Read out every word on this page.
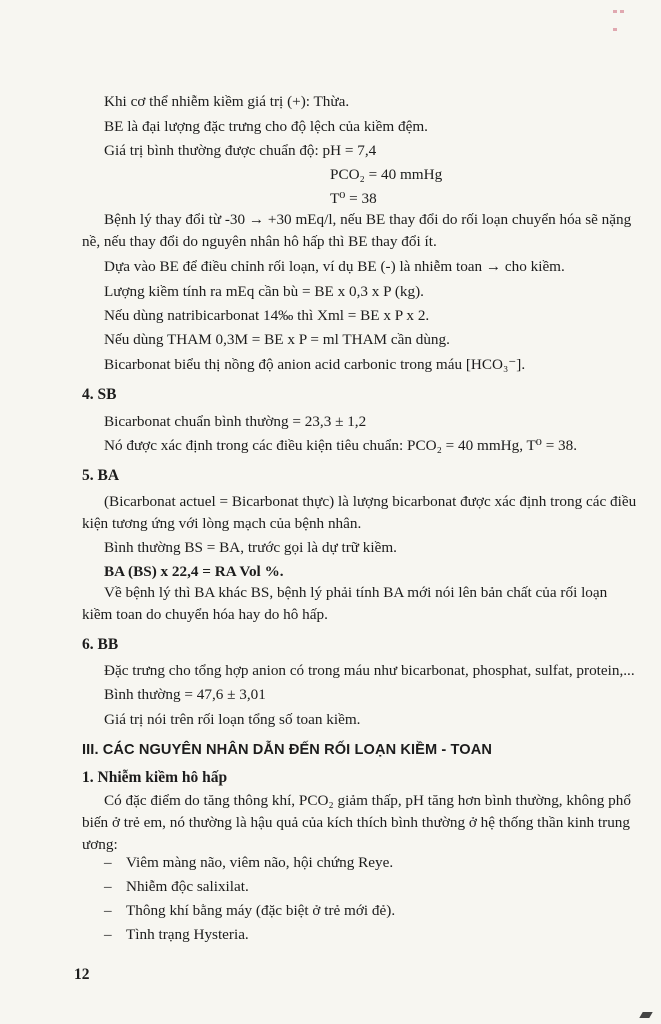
Khi cơ thể nhiễm kiềm giá trị (+): Thừa.
BE là đại lượng đặc trưng cho độ lệch của kiềm đệm.
Giá trị bình thường được chuẩn độ: pH = 7,4
PCO₂ = 40 mmHg
T⁰ = 38
Bệnh lý thay đổi từ -30 → +30 mEq/l, nếu BE thay đổi do rối loạn chuyển hóa sẽ nặng nề, nếu thay đổi do nguyên nhân hô hấp thì BE thay đổi ít.
Dựa vào BE để điều chỉnh rối loạn, ví dụ BE (-) là nhiễm toan → cho kiềm.
Lượng kiềm tính ra mEq cần bù = BE x 0,3 x P (kg).
Nếu dùng natribicarbonat 14‰ thì Xml = BE x P x 2.
Nếu dùng THAM 0,3M = BE x P = ml THAM cần dùng.
Bicarbonat biểu thị nồng độ anion acid carbonic trong máu [HCO₃⁻].
4. SB
Bicarbonat chuẩn bình thường = 23,3 ± 1,2
Nó được xác định trong các điều kiện tiêu chuẩn: PCO₂ = 40 mmHg, T⁰ = 38.
5. BA
(Bicarbonat actuel = Bicarbonat thực) là lượng bicarbonat được xác định trong các điều kiện tương ứng với lòng mạch của bệnh nhân.
Bình thường BS = BA, trước gọi là dự trữ kiềm.
BA (BS) x 22,4 = RA Vol %.
Về bệnh lý thì BA khác BS, bệnh lý phải tính BA mới nói lên bản chất của rối loạn kiềm toan do chuyển hóa hay do hô hấp.
6. BB
Đặc trưng cho tổng hợp anion có trong máu như bicarbonat, phosphat, sulfat, protein,...
Bình thường = 47,6 ± 3,01
Giá trị nói trên rối loạn tổng số toan kiềm.
III. CÁC NGUYÊN NHÂN DẪN ĐẾN RỐI LOẠN KIỀM - TOAN
1. Nhiễm kiềm hô hấp
Có đặc điểm do tăng thông khí, PCO₂ giảm thấp, pH tăng hơn bình thường, không phổ biến ở trẻ em, nó thường là hậu quả của kích thích bình thường ở hệ thống thần kinh trung ương:
– Viêm màng não, viêm não, hội chứng Reye.
– Nhiễm độc salixilat.
– Thông khí bằng máy (đặc biệt ở trẻ mới đẻ).
– Tình trạng Hysteria.
12
